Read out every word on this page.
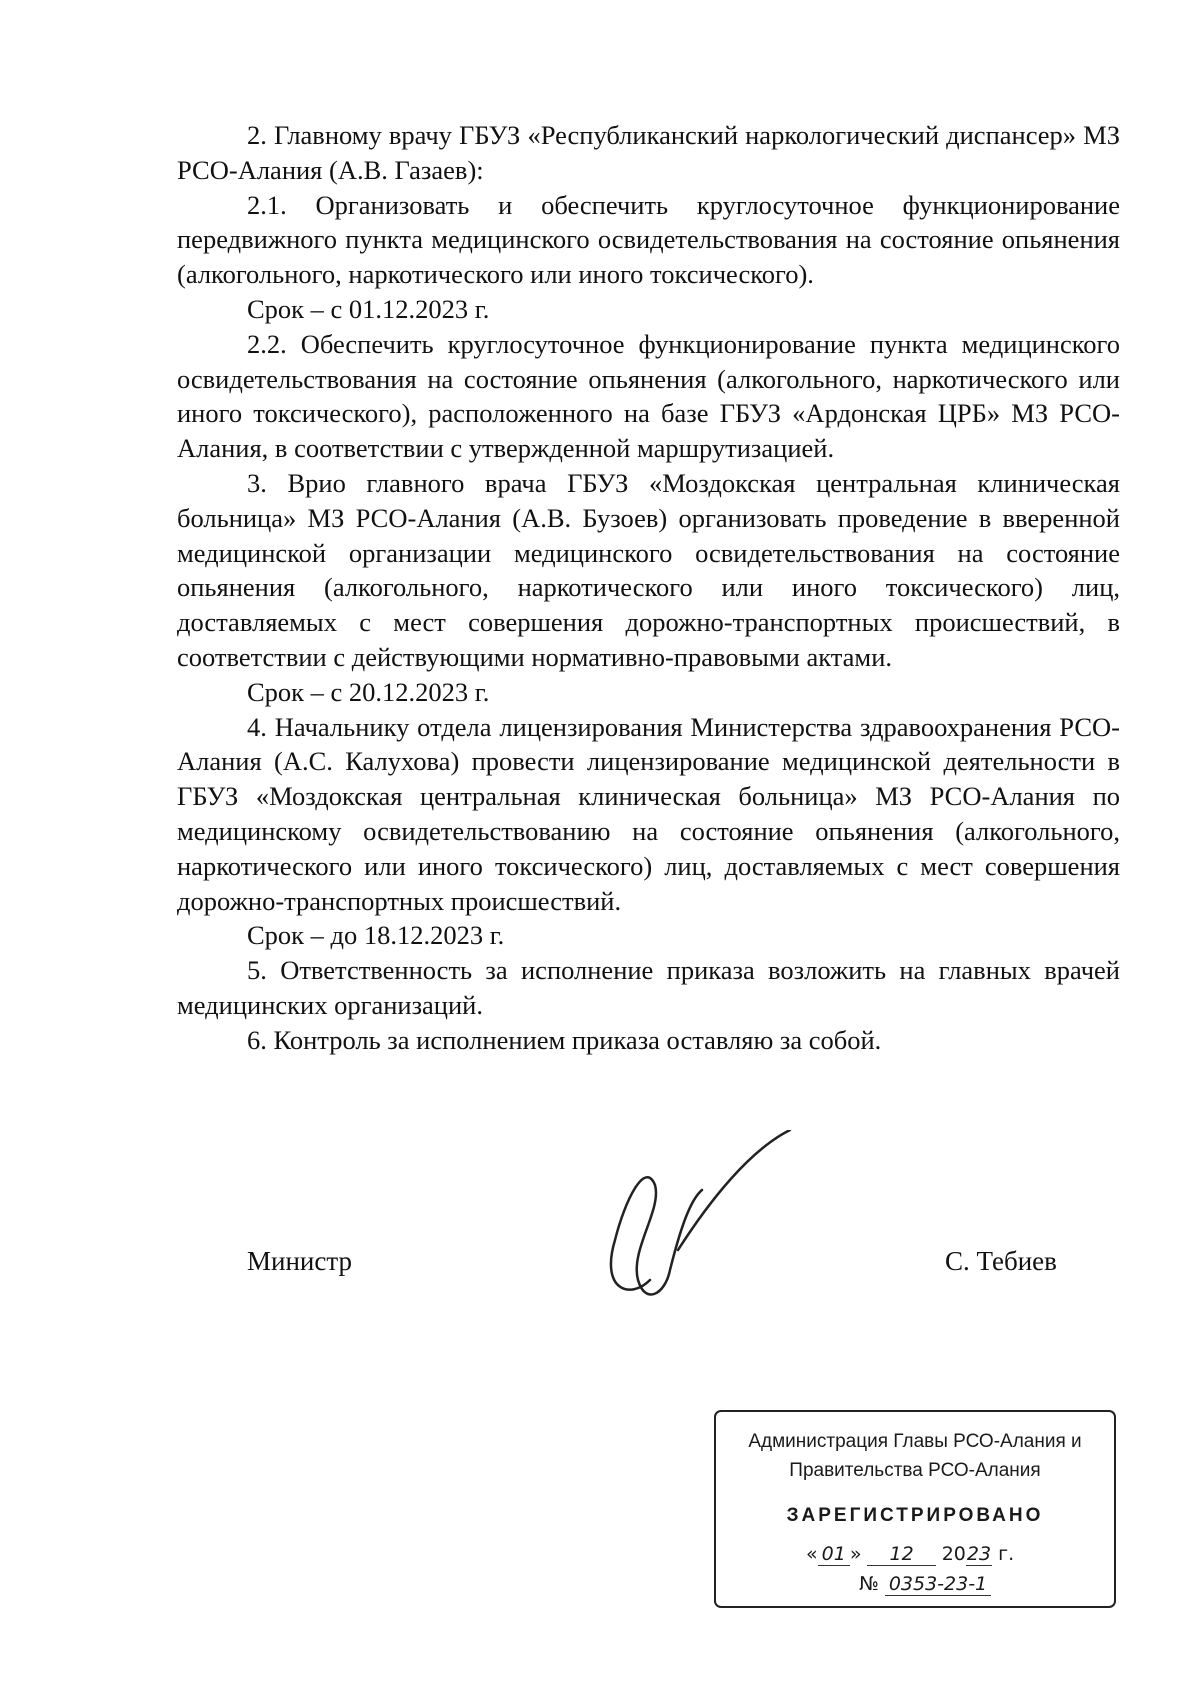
2. Главному врачу ГБУЗ «Республиканский наркологический диспансер» МЗ РСО-Алания (А.В. Газаев):

2.1. Организовать и обеспечить круглосуточное функционирование передвижного пункта медицинского освидетельствования на состояние опьянения (алкогольного, наркотического или иного токсического).

Срок – с 01.12.2023 г.

2.2. Обеспечить круглосуточное функционирование пункта медицинского освидетельствования на состояние опьянения (алкогольного, наркотического или иного токсического), расположенного на базе ГБУЗ «Ардонская ЦРБ» МЗ РСО-Алания, в соответствии с утвержденной маршрутизацией.

3. Врио главного врача ГБУЗ «Моздокская центральная клиническая больница» МЗ РСО-Алания (А.В. Бузоев) организовать проведение в вверенной медицинской организации медицинского освидетельствования на состояние опьянения (алкогольного, наркотического или иного токсического) лиц, доставляемых с мест совершения дорожно-транспортных происшествий, в соответствии с действующими нормативно-правовыми актами.

Срок – с 20.12.2023 г.

4. Начальнику отдела лицензирования Министерства здравоохранения РСО-Алания (А.С. Калухова) провести лицензирование медицинской деятельности в ГБУЗ «Моздокская центральная клиническая больница» МЗ РСО-Алания по медицинскому освидетельствованию на состояние опьянения (алкогольного, наркотического или иного токсического) лиц, доставляемых с мест совершения дорожно-транспортных происшествий.

Срок – до 18.12.2023 г.

5. Ответственность за исполнение приказа возложить на главных врачей медицинских организаций.

6. Контроль за исполнением приказа оставляю за собой.

Министр	С. Тебиев
Администрация Главы РСО-Алания и
Правительства РСО-Алания
ЗАРЕГИСТРИРОВАНО
« 01 » 12 2023 г.
№ 0353-23-1
